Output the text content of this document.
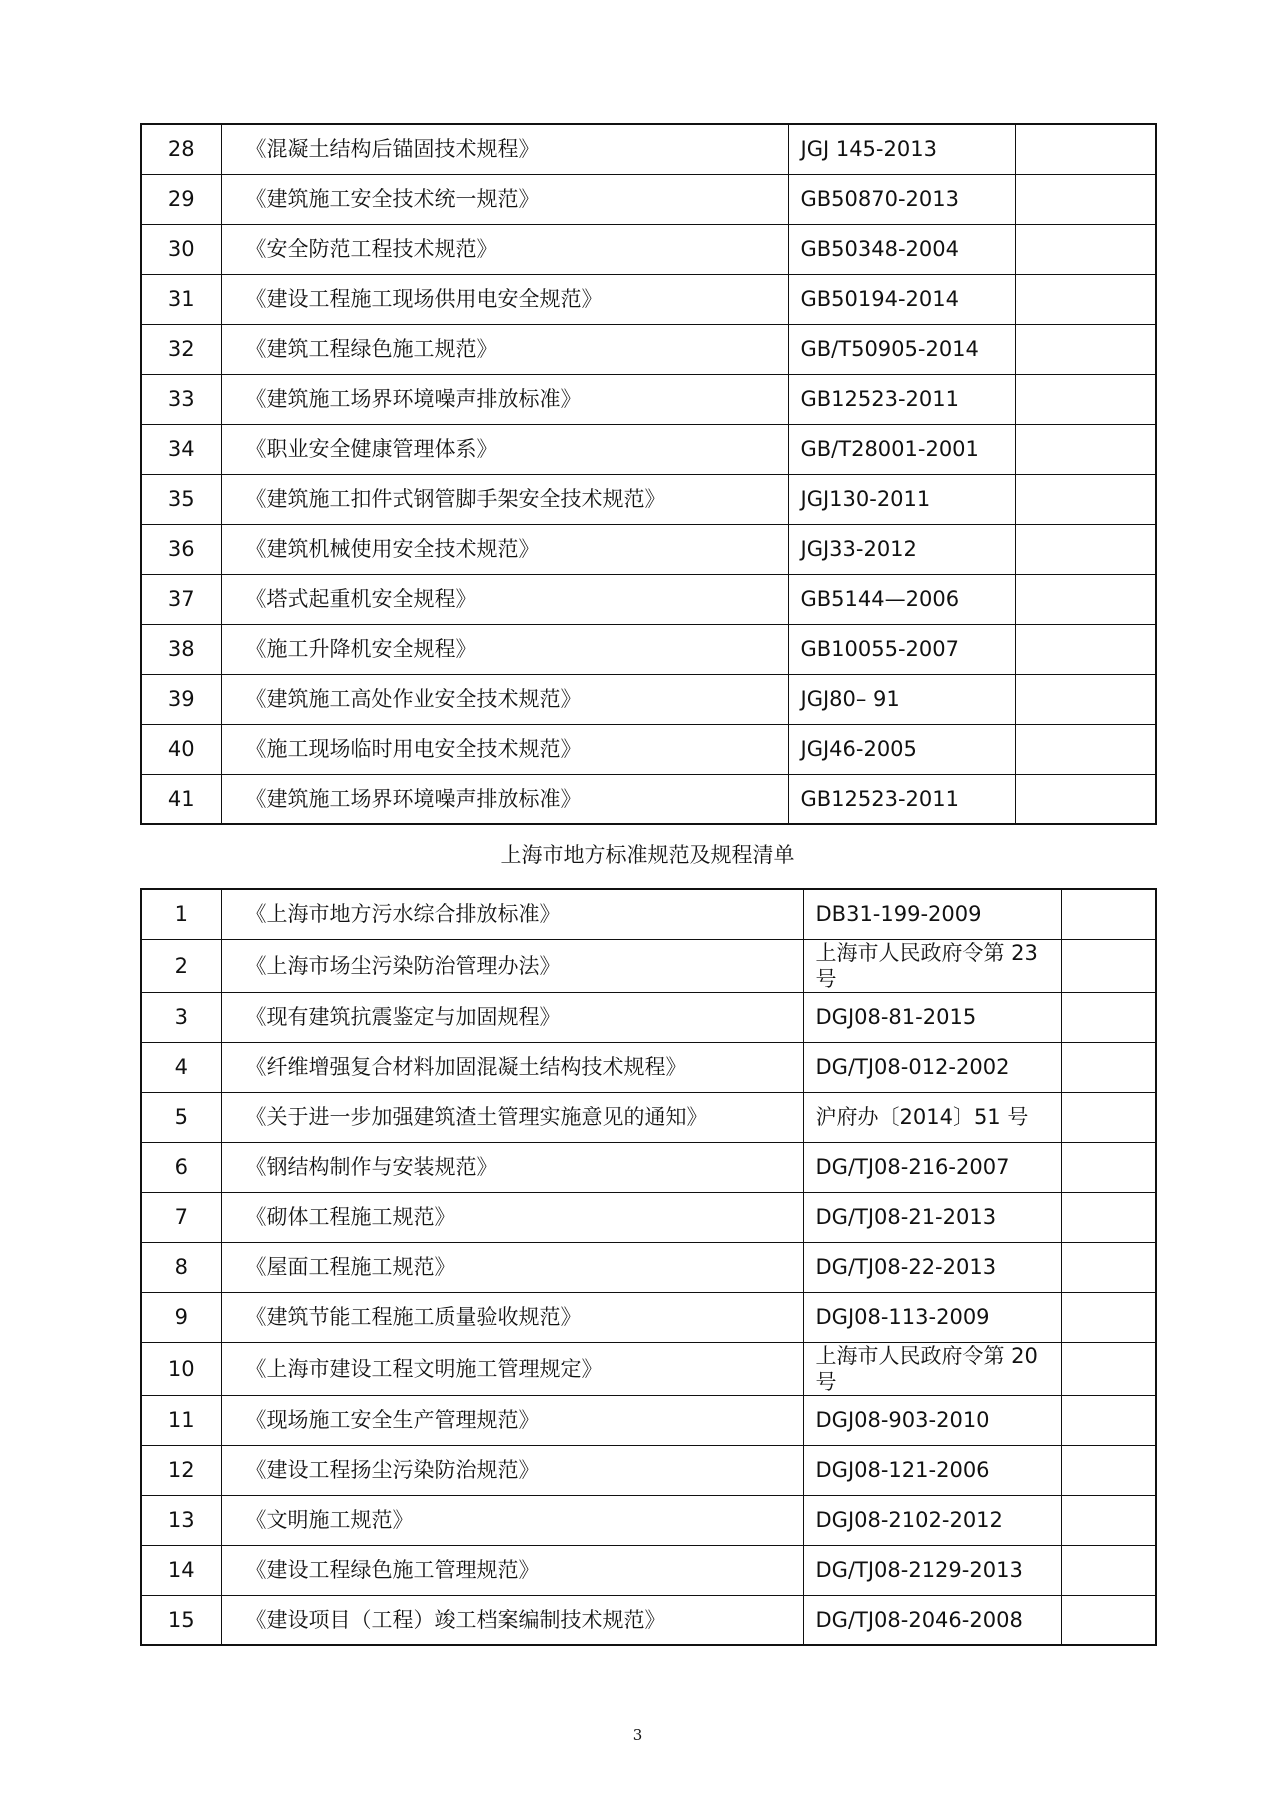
28	《混凝土结构后锚固技术规程》	JGJ 145-2013	
29	《建筑施工安全技术统一规范》	GB50870-2013	
30	《安全防范工程技术规范》	GB50348-2004	
31	《建设工程施工现场供用电安全规范》	GB50194-2014	
32	《建筑工程绿色施工规范》	GB/T50905-2014	
33	《建筑施工场界环境噪声排放标准》	GB12523-2011	
34	《职业安全健康管理体系》	GB/T28001-2001	
35	《建筑施工扣件式钢管脚手架安全技术规范》	JGJ130-2011	
36	《建筑机械使用安全技术规范》	JGJ33-2012	
37	《塔式起重机安全规程》	GB5144—2006	
38	《施工升降机安全规程》	GB10055-2007	
39	《建筑施工高处作业安全技术规范》	JGJ80– 91	
40	《施工现场临时用电安全技术规范》	JGJ46-2005	
41	《建筑施工场界环境噪声排放标准》	GB12523-2011	
上海市地方标准规范及规程清单
1	《上海市地方污水综合排放标准》	DB31-199-2009	
2	《上海市场尘污染防治管理办法》	上海市人民政府令第 23 号	
3	《现有建筑抗震鉴定与加固规程》	DGJ08-81-2015	
4	《纤维增强复合材料加固混凝土结构技术规程》	DG/TJ08-012-2002	
5	《关于进一步加强建筑渣土管理实施意见的通知》	沪府办〔2014〕51 号	
6	《钢结构制作与安装规范》	DG/TJ08-216-2007	
7	《砌体工程施工规范》	DG/TJ08-21-2013	
8	《屋面工程施工规范》	DG/TJ08-22-2013	
9	《建筑节能工程施工质量验收规范》	DGJ08-113-2009	
10	《上海市建设工程文明施工管理规定》	上海市人民政府令第 20 号	
11	《现场施工安全生产管理规范》	DGJ08-903-2010	
12	《建设工程扬尘污染防治规范》	DGJ08-121-2006	
13	《文明施工规范》	DGJ08-2102-2012	
14	《建设工程绿色施工管理规范》	DG/TJ08-2129-2013	
15	《建设项目（工程）竣工档案编制技术规范》	DG/TJ08-2046-2008	
3
